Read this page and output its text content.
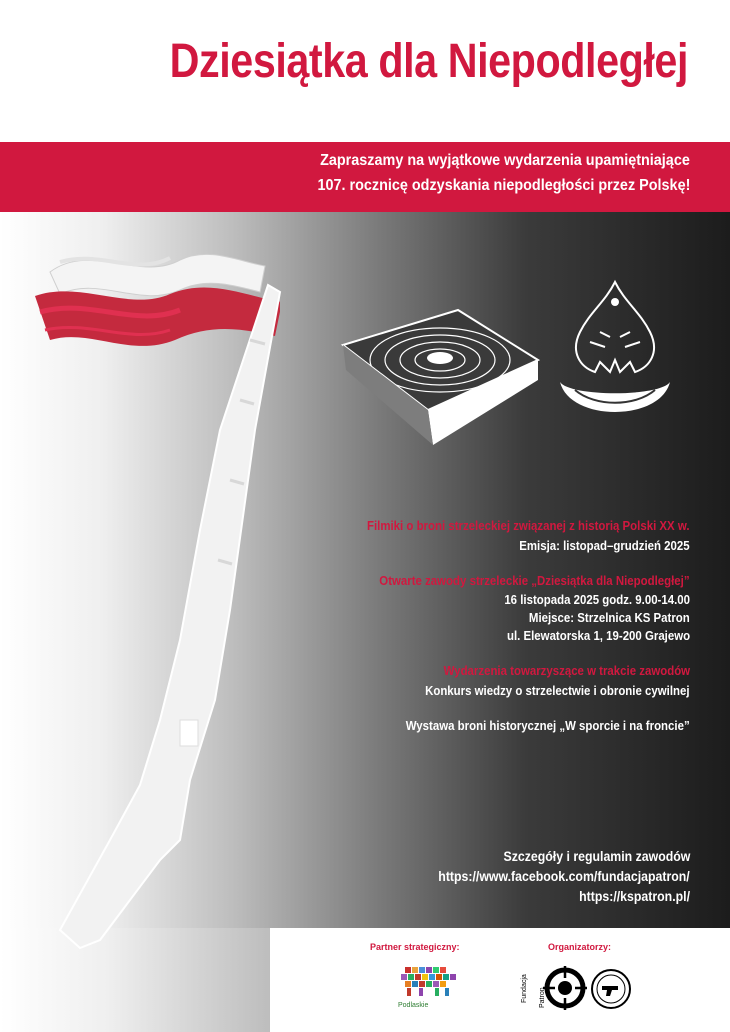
Dziesiątka dla Niepodległej
Zapraszamy na wyjątkowe wydarzenia upamiętniające
107. rocznicę odzyskania niepodległości przez Polskę!
Filmiki o broni strzeleckiej związanej z historią Polski XX w.
Emisja: listopad–grudzień 2025
Otwarte zawody strzeleckie „Dziesiątka dla Niepodległej”
16 listopada 2025 godz. 9.00-14.00
Miejsce: Strzelnica KS Patron
ul. Elewatorska 1, 19-200 Grajewo
Wydarzenia towarzyszące w trakcie zawodów
Konkurs wiedzy o strzelectwie i obronie cywilnej
Wystawa broni historycznej „W sporcie i na froncie”
Szczegóły i regulamin zawodów
https://www.facebook.com/fundacjapatron/
https://kspatron.pl/
Partner strategiczny:	Organizatorzy:
Podlaskie
Fundacja Patron
